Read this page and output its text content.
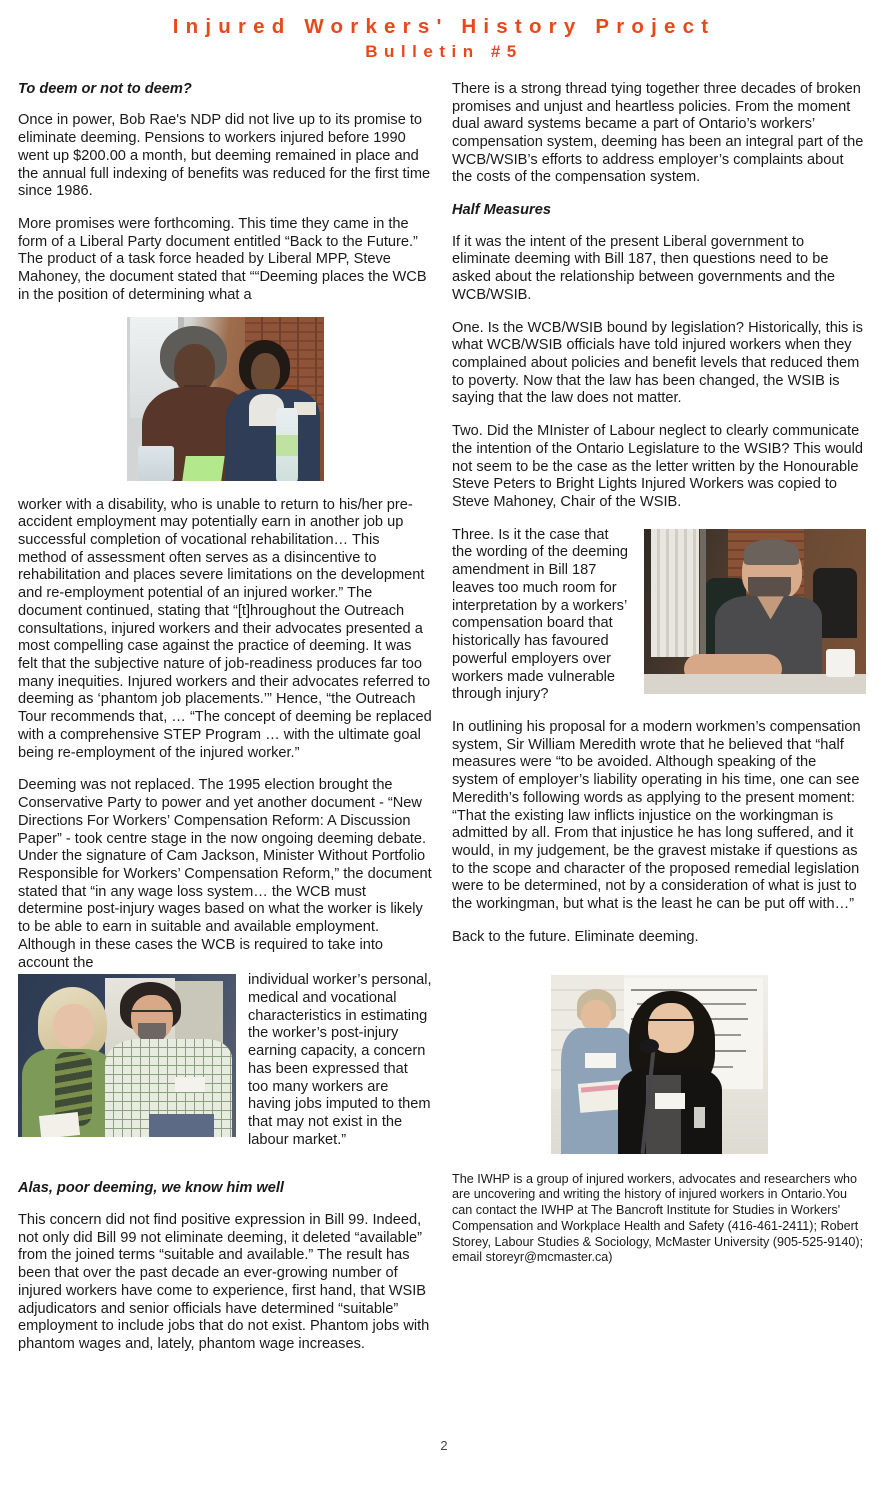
Injured Workers' History Project
Bulletin #5
To deem or not to deem?

Once in power, Bob Rae's NDP did not live up to its promise to eliminate deeming. Pensions to workers injured before 1990 went up $200.00 a month, but deeming remained in place and the annual full indexing of benefits was reduced for the first time since 1986.

More promises were forthcoming. This time they came in the form of a Liberal Party document entitled “Back to the Future.” The product of a task force headed by Liberal MPP, Steve Mahoney, the document stated that ““Deeming places the WCB in the position of determining what a

worker with a disability, who is unable to return to his/her pre-accident employment may potentially earn in another job up successful completion of vocational rehabilitation… This method of assessment often serves as a disincentive to rehabilitation and places severe limitations on the development and re-employment potential of an injured worker.” The document continued, stating that “[t]hroughout the Outreach consultations, injured workers and their advocates presented a most compelling case against the practice of deeming. It was felt that the subjective nature of job-readiness produces far too many inequities. Injured workers and their advocates referred to deeming as ‘phantom job placements.’” Hence, “the Outreach Tour recommends that, … “The concept of deeming be replaced with a comprehensive STEP Program … with the ultimate goal being re-employment of the injured worker.”

Deeming was not replaced. The 1995 election brought the Conservative Party to power and yet another document - “New Directions For Workers’ Compensation Reform: A Discussion Paper” - took centre stage in the now ongoing deeming debate. Under the signature of Cam Jackson, Minister Without Portfolio Responsible for Workers’ Compensation Reform,” the document stated that “in any wage loss system… the WCB must determine post-injury wages based on what the worker is likely to be able to earn in suitable and available employment. Although in these cases the WCB is required to take into account the

individual worker’s personal, medical and vocational characteristics in estimating the worker’s post-injury earning capacity, a concern has been expressed that too many workers are having jobs imputed to them that may not exist in the labour market.”

Alas, poor deeming, we know him well

This concern did not find positive expression in Bill 99. Indeed, not only did Bill 99 not eliminate deeming, it deleted “available” from the joined terms “suitable and available.” The result has been that over the past decade an ever-growing number of injured workers have come to experience, first hand, that WSIB adjudicators and senior officials have determined “suitable” employment to include jobs that do not exist. Phantom jobs with phantom wages and, lately, phantom wage increases.

There is a strong thread tying together three decades of broken promises and unjust and heartless policies. From the moment dual award systems became a part of Ontario’s workers’ compensation system, deeming has been an integral part of the WCB/WSIB’s efforts to address employer’s complaints about the costs of the compensation system.

Half Measures

If it was the intent of the present Liberal government to eliminate deeming with Bill 187, then questions need to be asked about the relationship between governments and the WCB/WSIB.

One. Is the WCB/WSIB bound by legislation? Historically, this is what WCB/WSIB officials have told injured workers when they complained about policies and benefit levels that reduced them to poverty. Now that the law has been changed, the WSIB is saying that the law does not matter.

Two. Did the MInister of Labour neglect to clearly communicate the intention of the Ontario Legislature to the WSIB? This would not seem to be the case as the letter written by the Honourable Steve Peters to Bright Lights Injured Workers was copied to Steve Mahoney, Chair of the WSIB.

Three. Is it the case that the wording of the deeming amendment in Bill 187 leaves too much room for interpretation by a workers’ compensation board that historically has favoured powerful employers over workers made vulnerable through injury?

In outlining his proposal for a modern workmen’s compensation system, Sir William Meredith wrote that he believed that “half measures were “to be avoided. Although speaking of the system of employer’s liability operating in his time, one can see Meredith’s following words as applying to the present moment: “That the existing law inflicts injustice on the workingman is admitted by all. From that injustice he has long suffered, and it would, in my judgement, be the gravest mistake if questions as to the scope and character of the proposed remedial legislation were to be determined, not by a consideration of what is just to the workingman, but what is the least he can be put off with…”

Back to the future. Eliminate deeming.

The IWHP is a group of injured workers, advocates and researchers who are uncovering and writing the history of injured workers in Ontario.You can contact the IWHP at The Bancroft Institute for Studies in Workers' Compensation and Workplace Health and Safety (416-461-2411); Robert Storey, Labour Studies & Sociology, McMaster University (905-525-9140); email storeyr@mcmaster.ca)

2
